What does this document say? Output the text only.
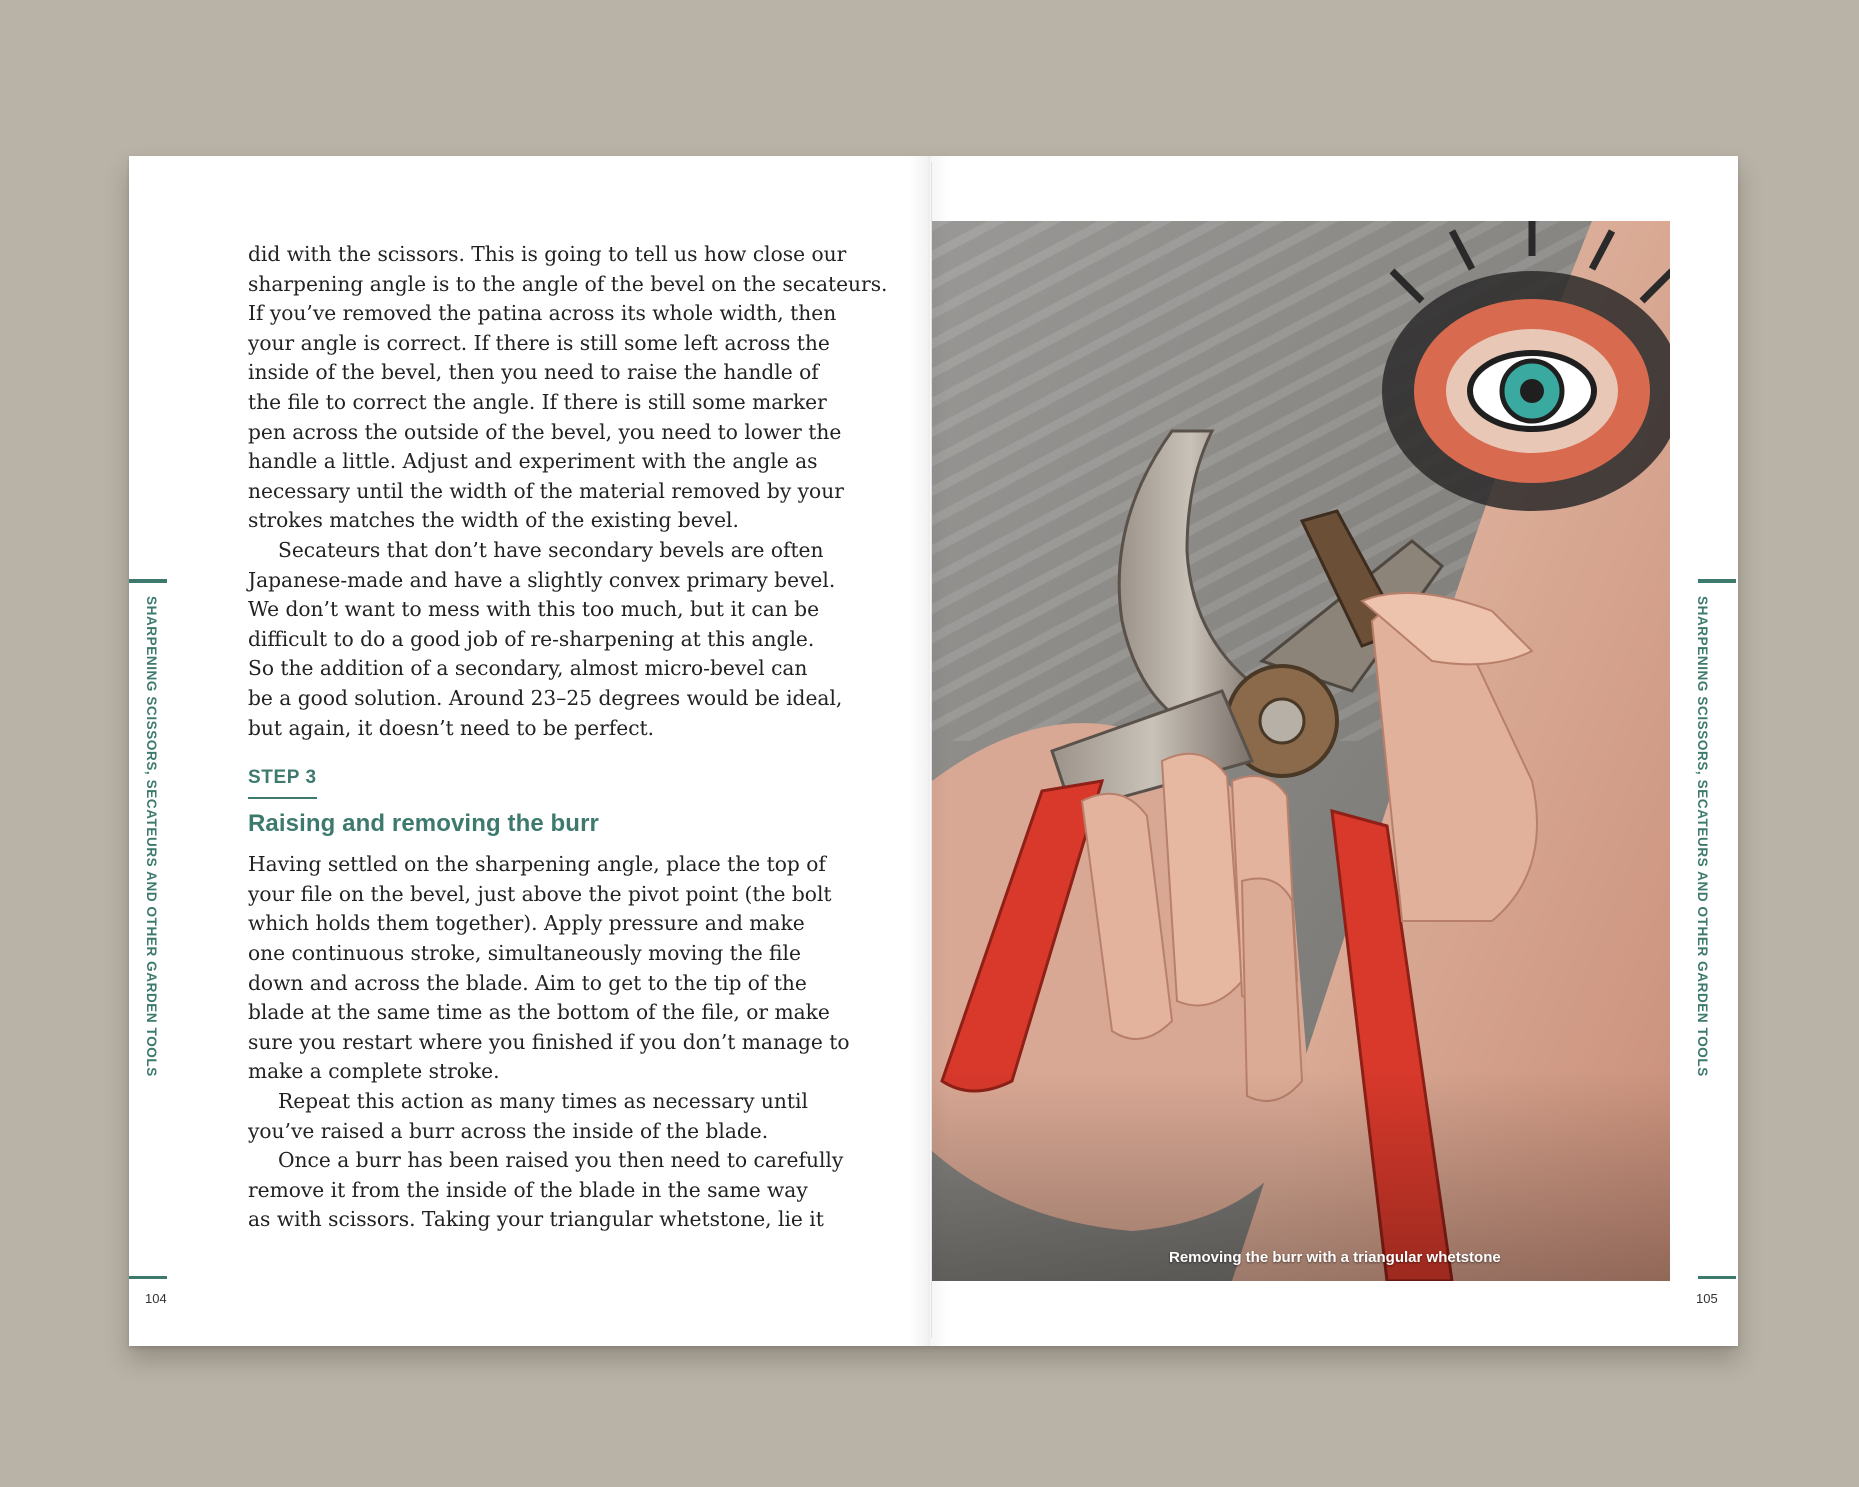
SHARPENING SCISSORS, SECATEURS AND OTHER GARDEN TOOLS
104

did with the scissors. This is going to tell us how close our
sharpening angle is to the angle of the bevel on the secateurs.
If you’ve removed the patina across its whole width, then
your angle is correct. If there is still some left across the
inside of the bevel, then you need to raise the handle of
the file to correct the angle. If there is still some marker
pen across the outside of the bevel, you need to lower the
handle a little. Adjust and experiment with the angle as
necessary until the width of the material removed by your
strokes matches the width of the existing bevel.

Secateurs that don’t have secondary bevels are often
Japanese-made and have a slightly convex primary bevel.
We don’t want to mess with this too much, but it can be
difficult to do a good job of re-sharpening at this angle.
So the addition of a secondary, almost micro-bevel can
be a good solution. Around 23–25 degrees would be ideal,
but again, it doesn’t need to be perfect.

STEP 3
Raising and removing the burr

Having settled on the sharpening angle, place the top of
your file on the bevel, just above the pivot point (the bolt
which holds them together). Apply pressure and make
one continuous stroke, simultaneously moving the file
down and across the blade. Aim to get to the tip of the
blade at the same time as the bottom of the file, or make
sure you restart where you finished if you don’t manage to
make a complete stroke.

Repeat this action as many times as necessary until
you’ve raised a burr across the inside of the blade.

Once a burr has been raised you then need to carefully
remove it from the inside of the blade in the same way
as with scissors. Taking your triangular whetstone, lie it

Removing the burr with a triangular whetstone
SHARPENING SCISSORS, SECATEURS AND OTHER GARDEN TOOLS
105
